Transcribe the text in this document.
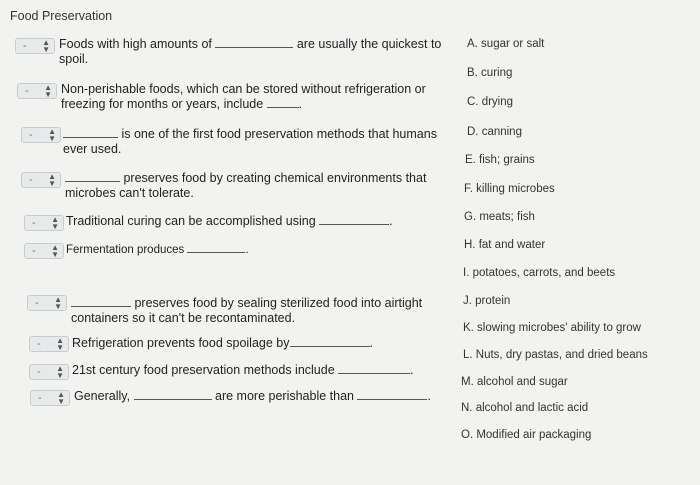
Food Preservation
- ▲
▼ Foods with high amounts of	are usually the quickest to
spoil.
- ▲
▼ Non-perishable foods, which can be stored without refrigeration or
freezing for months or years, include	.
- ▲
▼	is one of the first food preservation methods that humans
ever used.
- ▲
▼	preserves food by creating chemical environments that
microbes can't tolerate.
- ▲
▼ Traditional curing can be accomplished using	.
- ▲
▼ Fermentation produces	.
- ▲
▼	preserves food by sealing sterilized food into airtight
containers so it can't be recontaminated.
- ▲
▼ Refrigeration prevents food spoilage by	.
- ▲
▼ 21st century food preservation methods include	.
- ▲
▼ Generally,	are more perishable than	.
A. sugar or salt
B. curing
C. drying
D. canning
E. fish; grains
F. killing microbes
G. meats; fish
H. fat and water
I. potatoes, carrots, and beets
J. protein
K. slowing microbes' ability to grow
L. Nuts, dry pastas, and dried beans
M. alcohol and sugar
N. alcohol and lactic acid
O. Modified air packaging
